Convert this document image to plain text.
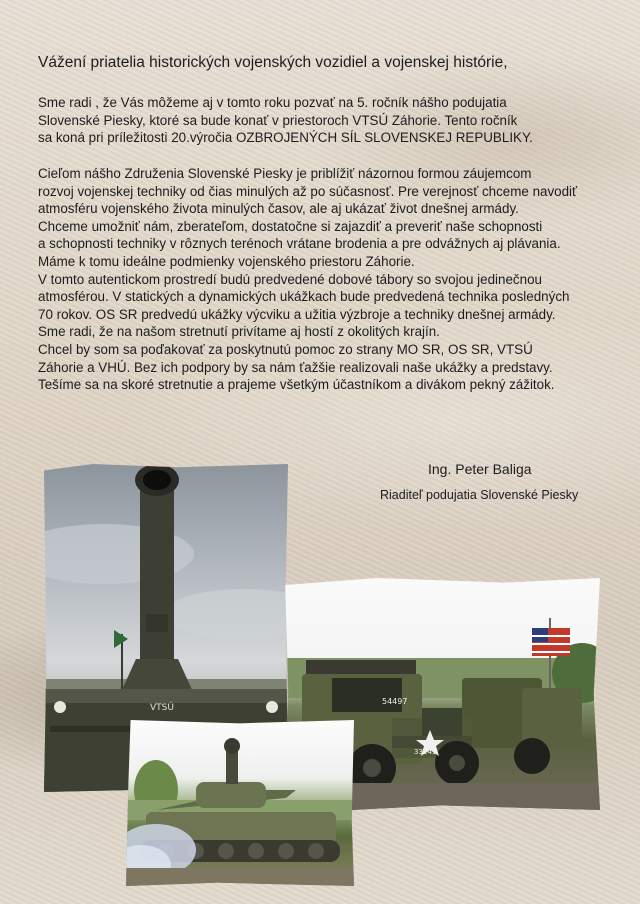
Vážení priatelia historických vojenských vozidiel a vojenskej histórie,
Sme radi , že Vás môžeme aj v tomto roku pozvať na 5. ročník nášho podujatia
Slovenské Piesky, ktoré sa bude konať v priestoroch VTSÚ Záhorie. Tento ročník
sa koná pri príležitosti 20.výročia OZBROJENÝCH SÍL SLOVENSKEJ REPUBLIKY.
Cieľom nášho Združenia Slovenské Piesky je priblížiť názornou formou záujemcom
rozvoj vojenskej techniky od čias minulých až po súčasnosť. Pre verejnosť chceme navodiť
atmosféru vojenského života minulých časov, ale aj ukázať život dnešnej armády.
Chceme umožniť nám, zberateľom, dostatočne si zajazdiť a preveriť naše schopnosti
a schopnosti techniky v rôznych terénoch vrátane brodenia a pre odvážnych aj plávania.
Máme k tomu ideálne podmienky vojenského priestoru Záhorie.
V tomto autentickom prostredí budú predvedené dobové tábory so svojou jedinečnou
atmosférou. V statických a dynamických ukážkach bude predvedená technika posledných
70 rokov. OS SR predvedú ukážky výcviku a užitia výzbroje a techniky dnešnej armády.
Sme radi, že na našom stretnutí privítame aj hostí z okolitých krajín.
Chcel by som sa poďakovať za poskytnutú pomoc zo strany MO SR, OS SR, VTSÚ
Záhorie a VHÚ. Bez ich podpory by sa nám ťažšie realizovali naše ukážky a predstavy.
Tešíme sa na skoré stretnutie a prajeme všetkým účastníkom a divákom pekný zážitok.
Ing. Peter Baliga
Riaditeľ podujatia Slovenské Piesky
VTSÚ
54497
33241
